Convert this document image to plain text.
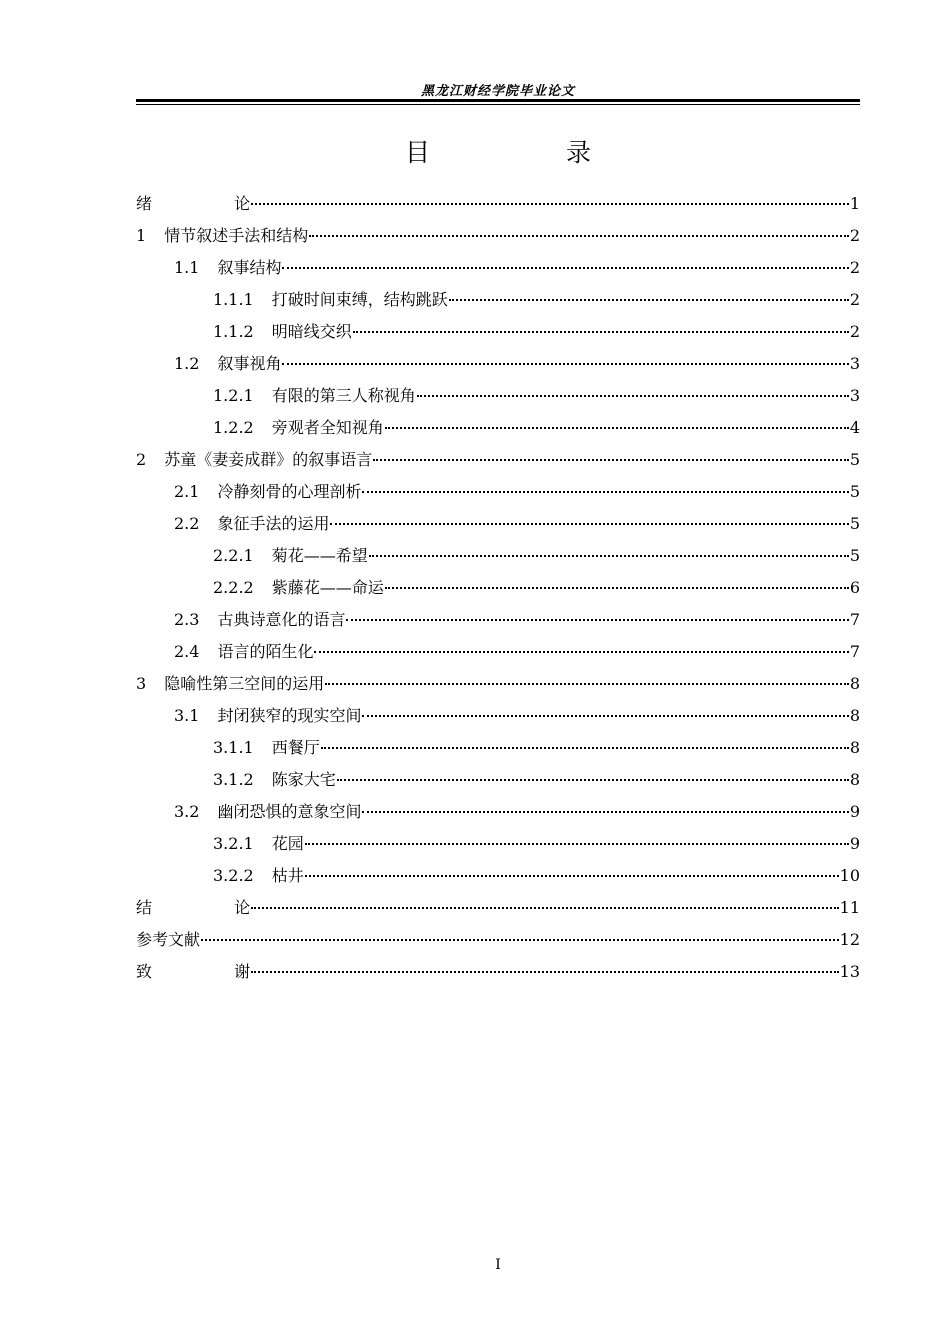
黑龙江财经学院毕业论文
目  录
绪  论	1
1 情节叙述手法和结构	2
1.1 叙事结构	2
1.1.1 打破时间束缚，结构跳跃	2
1.1.2 明暗线交织	2
1.2 叙事视角	3
1.2.1 有限的第三人称视角	3
1.2.2 旁观者全知视角	4
2 苏童《妻妾成群》的叙事语言	5
2.1 冷静刻骨的心理剖析	5
2.2 象征手法的运用	5
2.2.1 菊花——希望	5
2.2.2 紫藤花——命运	6
2.3 古典诗意化的语言	7
2.4 语言的陌生化	7
3 隐喻性第三空间的运用	8
3.1 封闭狭窄的现实空间	8
3.1.1 西餐厅	8
3.1.2 陈家大宅	8
3.2 幽闭恐惧的意象空间	9
3.2.1 花园	9
3.2.2 枯井	10
结  论	11
参考文献	12
致  谢	13
I
